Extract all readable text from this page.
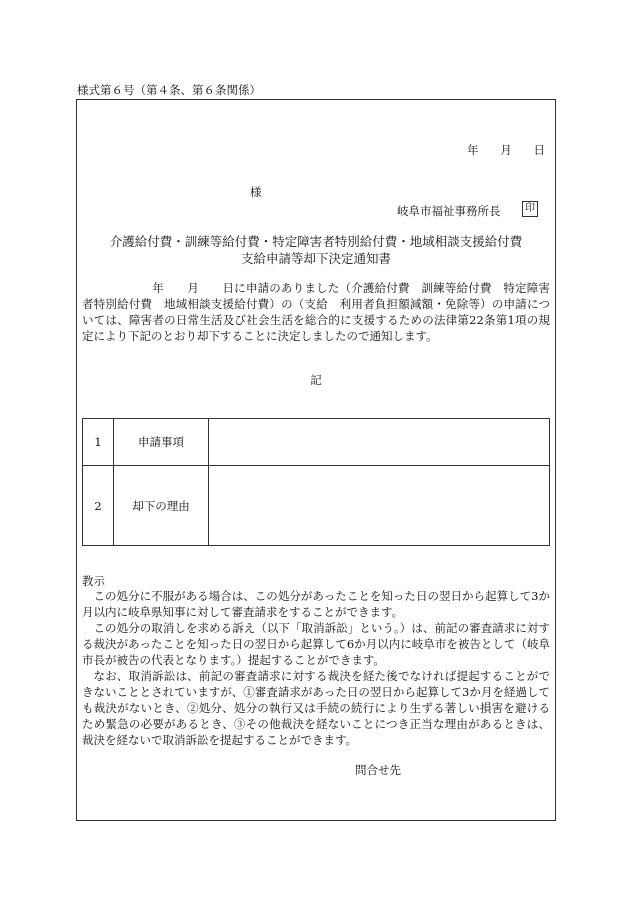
様式第６号（第４条、第６条関係）
年 月 日
様
岐阜市福祉事務所長	印
介護給付費・訓練等給付費・特定障害者特別給付費・地域相談支援給付費
支給申請等却下決定通知書
　　　　　　年　　月　　日に申請のありました（介護給付費　訓練等給付費　特定障害者特別給付費　地域相談支援給付費）の（支給　利用者負担額減額・免除等）の申請については、障害者の日常生活及び社会生活を総合的に支援するための法律第22条第1項の規定により下記のとおり却下することに決定しましたので通知します。
記
1	申請事項	
2	却下の理由	
教示

この処分に不服がある場合は、この処分があったことを知った日の翌日から起算して3か月以内に岐阜県知事に対して審査請求をすることができます。

この処分の取消しを求める訴え（以下「取消訴訟」という。）は、前記の審査請求に対する裁決があったことを知った日の翌日から起算して6か月以内に岐阜市を被告として（岐阜市長が被告の代表となります。）提起することができます。

なお、取消訴訟は、前記の審査請求に対する裁決を経た後でなければ提起することができないこととされていますが、①審査請求があった日の翌日から起算して3か月を経過しても裁決がないとき、②処分、処分の執行又は手続の続行により生ずる著しい損害を避けるため緊急の必要があるとき、③その他裁決を経ないことにつき正当な理由があるときは、裁決を経ないで取消訴訟を提起することができます。

問合せ先
